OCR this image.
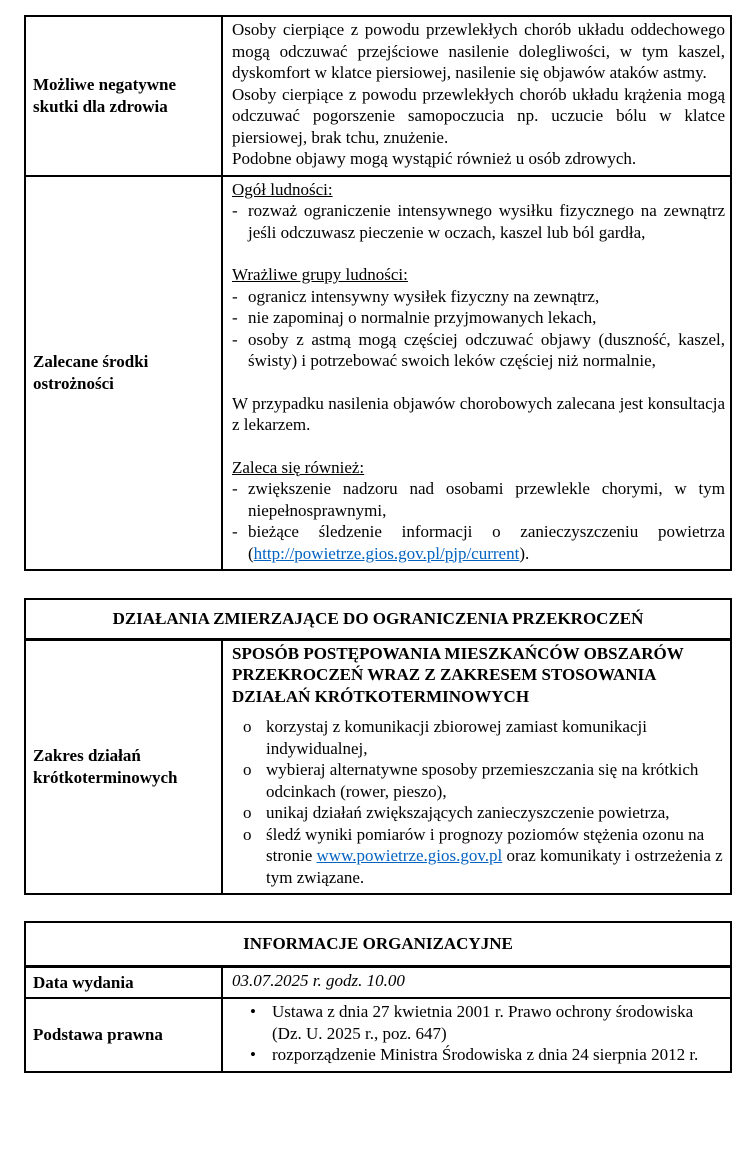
Możliwe negatywne skutki dla zdrowia
Osoby cierpiące z powodu przewlekłych chorób układu oddechowego mogą odczuwać przejściowe nasilenie dolegliwości, w tym kaszel, dyskomfort w klatce piersiowej, nasilenie się objawów ataków astmy.
Osoby cierpiące z powodu przewlekłych chorób układu krążenia mogą odczuwać pogorszenie samopoczucia np. uczucie bólu w klatce piersiowej, brak tchu, znużenie.
Podobne objawy mogą wystąpić również u osób zdrowych.
Zalecane środki ostrożności
Ogół ludności:
- rozważ ograniczenie intensywnego wysiłku fizycznego na zewnątrz jeśli odczuwasz pieczenie w oczach, kaszel lub ból gardła,
Wrażliwe grupy ludności:
- ogranicz intensywny wysiłek fizyczny na zewnątrz,
- nie zapominaj o normalnie przyjmowanych lekach,
- osoby z astmą mogą częściej odczuwać objawy (duszność, kaszel, świsty) i potrzebować swoich leków częściej niż normalnie,
W przypadku nasilenia objawów chorobowych zalecana jest konsultacja z lekarzem.
Zaleca się również:
- zwiększenie nadzoru nad osobami przewlekle chorymi, w tym niepełnosprawnymi,
- bieżące śledzenie informacji o zanieczyszczeniu powietrza (http://powietrze.gios.gov.pl/pjp/current).
DZIAŁANIA ZMIERZAJĄCE DO OGRANICZENIA PRZEKROCZEŃ
Zakres działań krótkoterminowych
SPOSÓB POSTĘPOWANIA MIESZKAŃCÓW OBSZARÓW PRZEKROCZEŃ WRAZ Z ZAKRESEM STOSOWANIA DZIAŁAŃ KRÓTKOTERMINOWYCH
o korzystaj z komunikacji zbiorowej zamiast komunikacji indywidualnej,
o wybieraj alternatywne sposoby przemieszczania się na krótkich odcinkach (rower, pieszo),
o unikaj działań zwiększających zanieczyszczenie powietrza,
o śledź wyniki pomiarów i prognozy poziomów stężenia ozonu na stronie www.powietrze.gios.gov.pl oraz komunikaty i ostrzeżenia z tym związane.
INFORMACJE ORGANIZACYJNE
Data wydania	03.07.2025 r. godz. 10.00
Podstawa prawna
• Ustawa z dnia 27 kwietnia 2001 r. Prawo ochrony środowiska (Dz. U. 2025 r., poz. 647)
• rozporządzenie Ministra Środowiska z dnia 24 sierpnia 2012 r.
